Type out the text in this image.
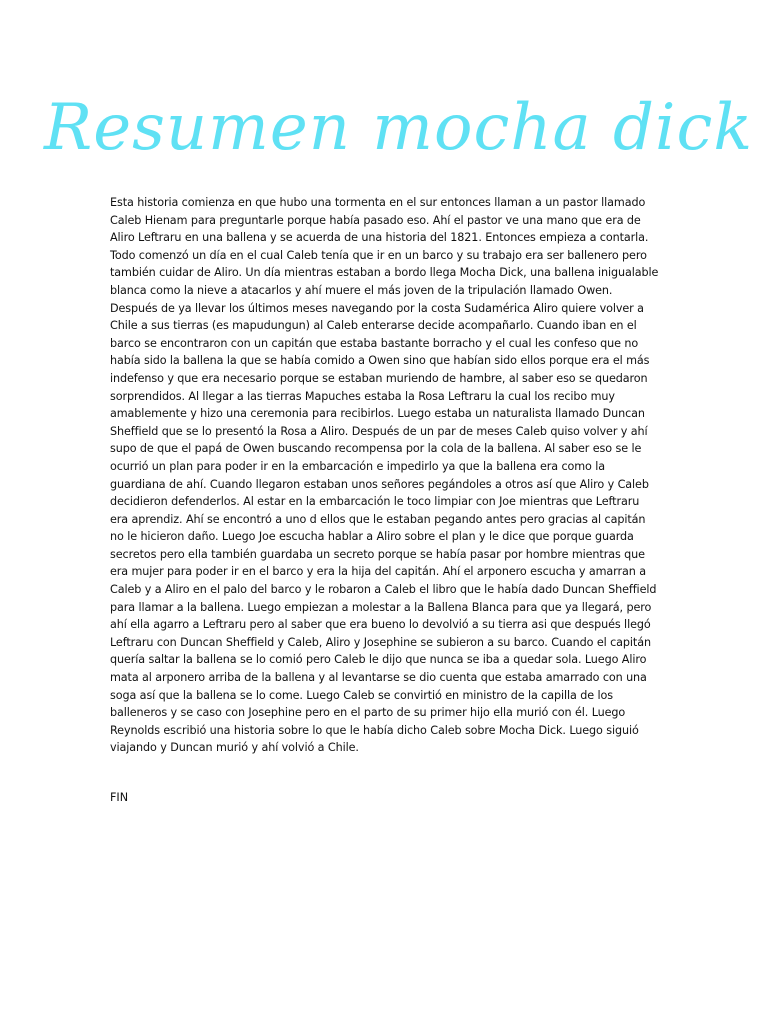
Resumen mocha dick

Esta historia comienza en que hubo una tormenta en el sur entonces llaman a un pastor llamado Caleb Hienam para preguntarle porque había pasado eso. Ahí el pastor ve una mano que era de Aliro Leftraru en una ballena y se acuerda de una historia del 1821. Entonces empieza a contarla. Todo comenzó un día en el cual Caleb tenía que ir en un barco y su trabajo era ser ballenero pero también cuidar de Aliro. Un día mientras estaban a bordo llega Mocha Dick, una ballena inigualable blanca como la nieve a atacarlos y ahí muere el más joven de la tripulación llamado Owen. Después de ya llevar los últimos meses navegando por la costa Sudamérica Aliro quiere volver a Chile a sus tierras (es mapudungun) al Caleb enterarse decide acompañarlo. Cuando iban en el barco se encontraron con un capitán que estaba bastante borracho y el cual les confeso que no había sido la ballena la que se había comido a Owen sino que habían sido ellos porque era el más indefenso y que era necesario porque se estaban muriendo de hambre, al saber eso se quedaron sorprendidos. Al llegar a las tierras Mapuches estaba la Rosa Leftraru la cual los recibo muy amablemente y hizo una ceremonia para recibirlos. Luego estaba un naturalista llamado Duncan Sheffield que se lo presentó la Rosa a Aliro. Después de un par de meses Caleb quiso volver y ahí supo de que el papá de Owen buscando recompensa por la cola de la ballena. Al saber eso se le ocurrió un plan para poder ir en la embarcación e impedirlo ya que la ballena era como la guardiana de ahí. Cuando llegaron estaban unos señores pegándoles a otros así que Aliro y Caleb decidieron defenderlos. Al estar en la embarcación le toco limpiar con Joe mientras que Leftraru era aprendiz. Ahí se encontró a uno d ellos que le estaban pegando antes pero gracias al capitán no le hicieron daño. Luego Joe escucha hablar a Aliro sobre el plan y le dice que porque guarda secretos pero ella también guardaba un secreto porque se había pasar por hombre mientras que era mujer para poder ir en el barco y era la hija del capitán. Ahí el arponero escucha y amarran a Caleb y a Aliro en el palo del barco y le robaron a Caleb el libro que le había dado Duncan Sheffield para llamar a la ballena. Luego empiezan a molestar a la Ballena Blanca para que ya llegará, pero ahí ella agarro a Leftraru pero al saber que era bueno lo devolvió a su tierra asi que después llegó Leftraru con Duncan Sheffield y Caleb, Aliro y Josephine se subieron a su barco. Cuando el capitán quería saltar la ballena se lo comió pero Caleb le dijo que nunca se iba a quedar sola. Luego Aliro mata al arponero arriba de la ballena y al levantarse se dio cuenta que estaba amarrado con una soga así que la ballena se lo come. Luego Caleb se convirtió en ministro de la capilla de los balleneros y se caso con Josephine pero en el parto de su primer hijo ella murió con él. Luego Reynolds escribió una historia sobre lo que le había dicho Caleb sobre Mocha Dick. Luego siguió viajando y Duncan murió y ahí volvió a Chile.

FIN
